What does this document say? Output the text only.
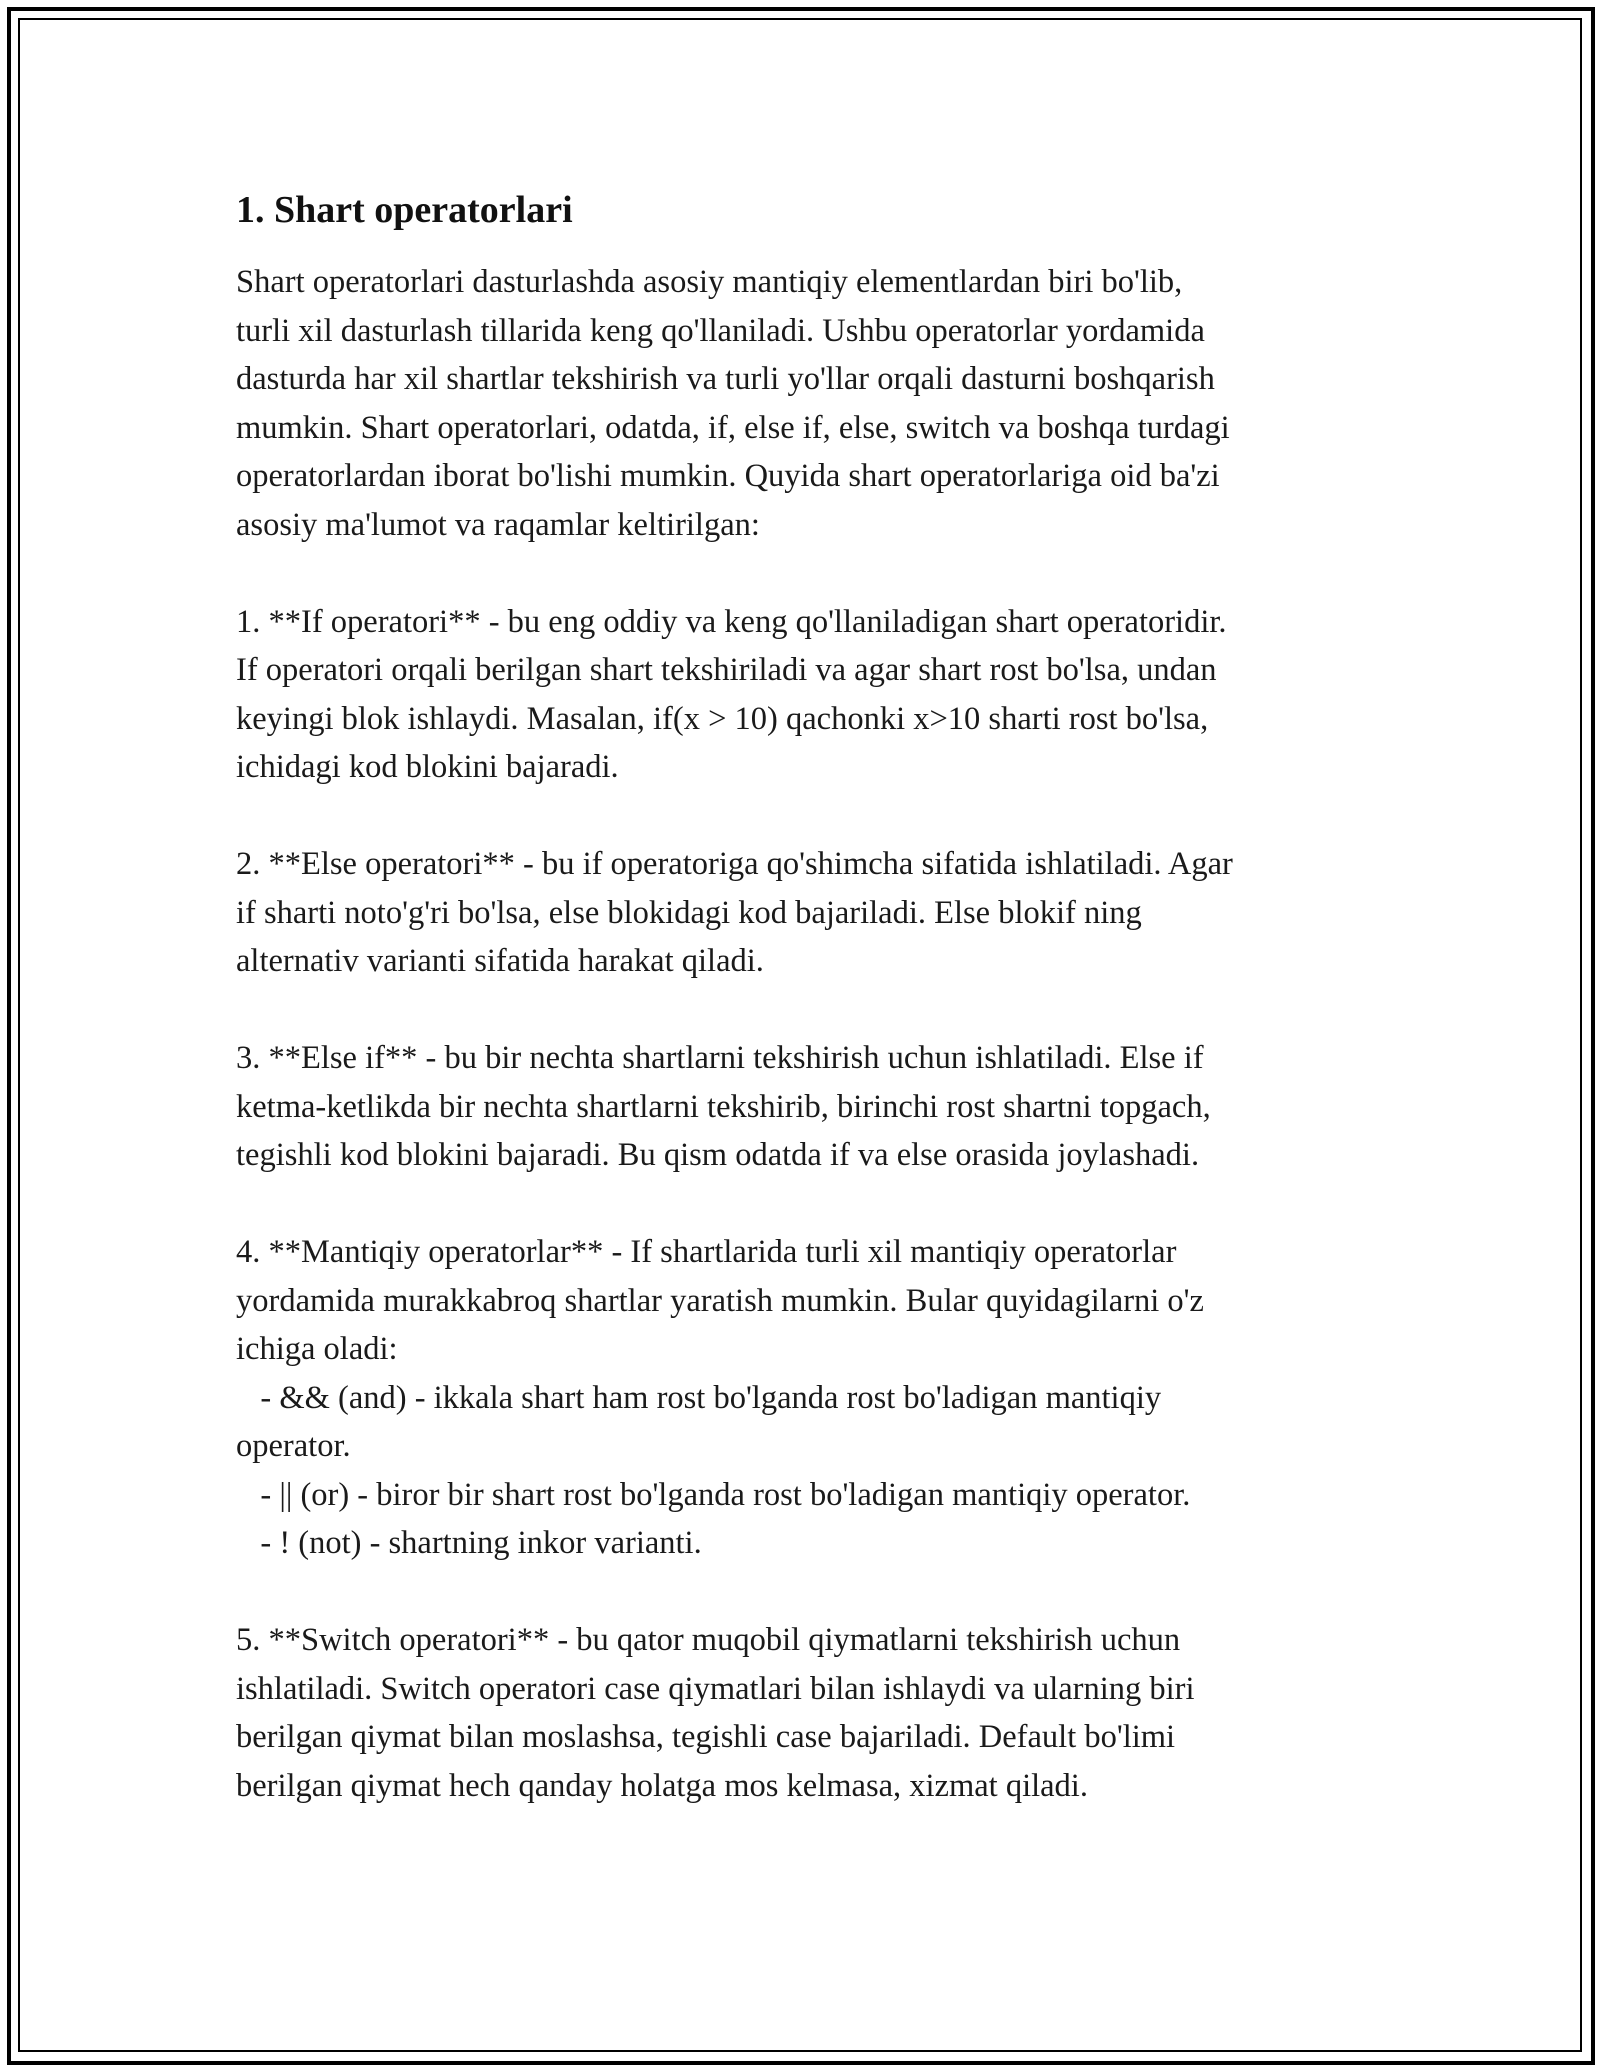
1. Shart operatorlari

Shart operatorlari dasturlashda asosiy mantiqiy elementlardan biri bo'lib,
turli xil dasturlash tillarida keng qo'llaniladi. Ushbu operatorlar yordamida
dasturda har xil shartlar tekshirish va turli yo'llar orqali dasturni boshqarish
mumkin. Shart operatorlari, odatda, if, else if, else, switch va boshqa turdagi
operatorlardan iborat bo'lishi mumkin. Quyida shart operatorlariga oid ba'zi
asosiy ma'lumot va raqamlar keltirilgan:

1. **If operatori** - bu eng oddiy va keng qo'llaniladigan shart operatoridir.
If operatori orqali berilgan shart tekshiriladi va agar shart rost bo'lsa, undan
keyingi blok ishlaydi. Masalan, if(x > 10) qachonki x>10 sharti rost bo'lsa,
ichidagi kod blokini bajaradi.

2. **Else operatori** - bu if operatoriga qo'shimcha sifatida ishlatiladi. Agar
if sharti noto'g'ri bo'lsa, else blokidagi kod bajariladi. Else blokif ning
alternativ varianti sifatida harakat qiladi.

3. **Else if** - bu bir nechta shartlarni tekshirish uchun ishlatiladi. Else if
ketma-ketlikda bir nechta shartlarni tekshirib, birinchi rost shartni topgach,
tegishli kod blokini bajaradi. Bu qism odatda if va else orasida joylashadi.

4. **Mantiqiy operatorlar** - If shartlarida turli xil mantiqiy operatorlar
yordamida murakkabroq shartlar yaratish mumkin. Bular quyidagilarni o'z
ichiga oladi:
- && (and) - ikkala shart ham rost bo'lganda rost bo'ladigan mantiqiy
operator.
- || (or) - biror bir shart rost bo'lganda rost bo'ladigan mantiqiy operator.
- ! (not) - shartning inkor varianti.

5. **Switch operatori** - bu qator muqobil qiymatlarni tekshirish uchun
ishlatiladi. Switch operatori case qiymatlari bilan ishlaydi va ularning biri
berilgan qiymat bilan moslashsa, tegishli case bajariladi. Default bo'limi
berilgan qiymat hech qanday holatga mos kelmasa, xizmat qiladi.
